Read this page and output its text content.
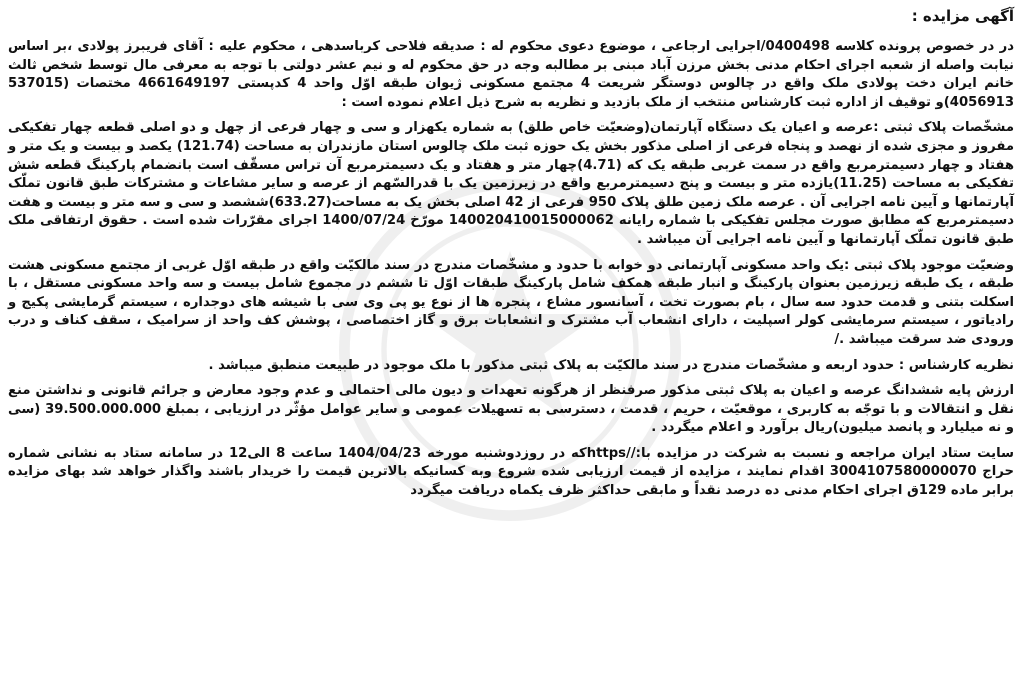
آگهی مزایده :

در در خصوص پرونده کلاسه 0400498/اجرایی ارجاعی ، موضوع دعوی محکوم له : صدیقه فلاحی کرباسدهی ، محکوم علیه : آقای فریبرز پولادی ،بر اساس نیابت واصله از شعبه اجرای احکام مدنی بخش مرزن آباد مبنی بر مطالبه وجه در حق محکوم له و نیم عشر دولتی با توجه به معرفی مال توسط شخص ثالث خانم ایران دخت پولادی ملک واقع در چالوس دوستگر شریعت 4 مجتمع مسکونی ژیوان طبقه اوّل واحد 4 کدپستی 4661649197 مختصات (537015 4056913)و توقیف از اداره ثبت کارشناس منتخب از ملک بازدید و نظریه به شرح ذیل اعلام نموده است :

مشخّصات پلاک ثبتی :عرصه و اعیان یک دستگاه آپارتمان(وضعیّت خاص طلق) به شماره یکهزار و سی و چهار فرعی از چهل و دو اصلی قطعه چهار تفکیکی مفروز و مجزی شده از نهصد و پنجاه فرعی از اصلی مذکور بخش یک حوزه ثبت ملک چالوس استان مازندران به مساحت (121.74) یکصد و بیست و یک متر و هفتاد و چهار دسیمترمربع واقع در سمت غربی طبقه یک که (4.71)چهار متر و هفتاد و یک دسیمترمربع آن تراس مسقّف است بانضمام پارکینگ قطعه شش تفکیکی به مساحت (11.25)یازده متر و بیست و پنج دسیمترمربع واقع در زیرزمین یک با قدرالسّهم از عرصه و سایر مشاعات و مشترکات طبق قانون تملّک آپارتمانها و آیین نامه اجرایی آن . عرصه ملک زمین طلق پلاک 950 فرعی از 42 اصلی بخش یک به مساحت(633.27)ششصد و سی و سه متر و بیست و هفت دسیمترمربع که مطابق صورت مجلس تفکیکی با شماره رایانه 140020410015000062 مورّخ 1400/07/24 اجرای مقرّرات شده است . حقوق ارتفاقی ملک طبق قانون تملّک آپارتمانها و آیین نامه اجرایی آن میباشد .

وضعیّت موجود پلاک ثبتی :یک واحد مسکونی آپارتمانی دو خوابه با حدود و مشخّصات مندرج در سند مالکیّت واقع در طبقه اوّل غربی از مجتمع مسکونی هشت طبقه ، یک طبقه زیرزمین بعنوان پارکینگ و انبار طبقه همکف شامل پارکینگ طبقات اوّل تا ششم در مجموع شامل بیست و سه واحد مسکونی مستقل ، با اسکلت بتنی و قدمت حدود سه سال ، بام بصورت تخت ، آسانسور مشاع ، پنجره ها از نوع یو پی وی سی با شیشه های دوجداره ، سیستم گرمایشی پکیج و رادیاتور ، سیستم سرمایشی کولر اسپلیت ، دارای انشعاب آب مشترک و انشعابات برق و گاز اختصاصی ، پوشش کف واحد از سرامیک ، سقف کناف و درب ورودی ضد سرقت میباشد ./

نظریه کارشناس : حدود اربعه و مشخّصات مندرج در سند مالکیّت به پلاک ثبتی مذکور با ملک موجود در طبیعت منطبق میباشد .

ارزش پایه ششدانگ عرصه و اعیان به پلاک ثبتی مذکور صرفنظر از هرگونه تعهدات و دیون مالی احتمالی و عدم وجود معارض و جرائم قانونی و نداشتن منع نقل و انتقالات و با توجّه به کاربری ، موقعیّت ، حریم ، قدمت ، دسترسی به تسهیلات عمومی و سایر عوامل مؤثّر در ارزیابی ، بمبلغ 39.500.000.000 (سی و نه میلیارد و پانصد میلیون)ریال برآورد و اعلام میگردد .

سایت ستاد ایران مراجعه و نسبت به شرکت در مزایده با://httpsکه در روزدوشنبه مورخه 1404/04/23 ساعت 8 الی12 در سامانه ستاد به نشانی شماره حراج 3004107580000070 اقدام نمایند ، مزایده از قیمت ارزیابی شده شروع وبه کسانیکه بالاترین قیمت را خریدار باشند واگذار خواهد شد بهای مزایده برابر ماده 129ق اجرای احکام مدنی ده درصد نقداً و مابقی حداکثر ظرف یکماه دریافت میگردد
